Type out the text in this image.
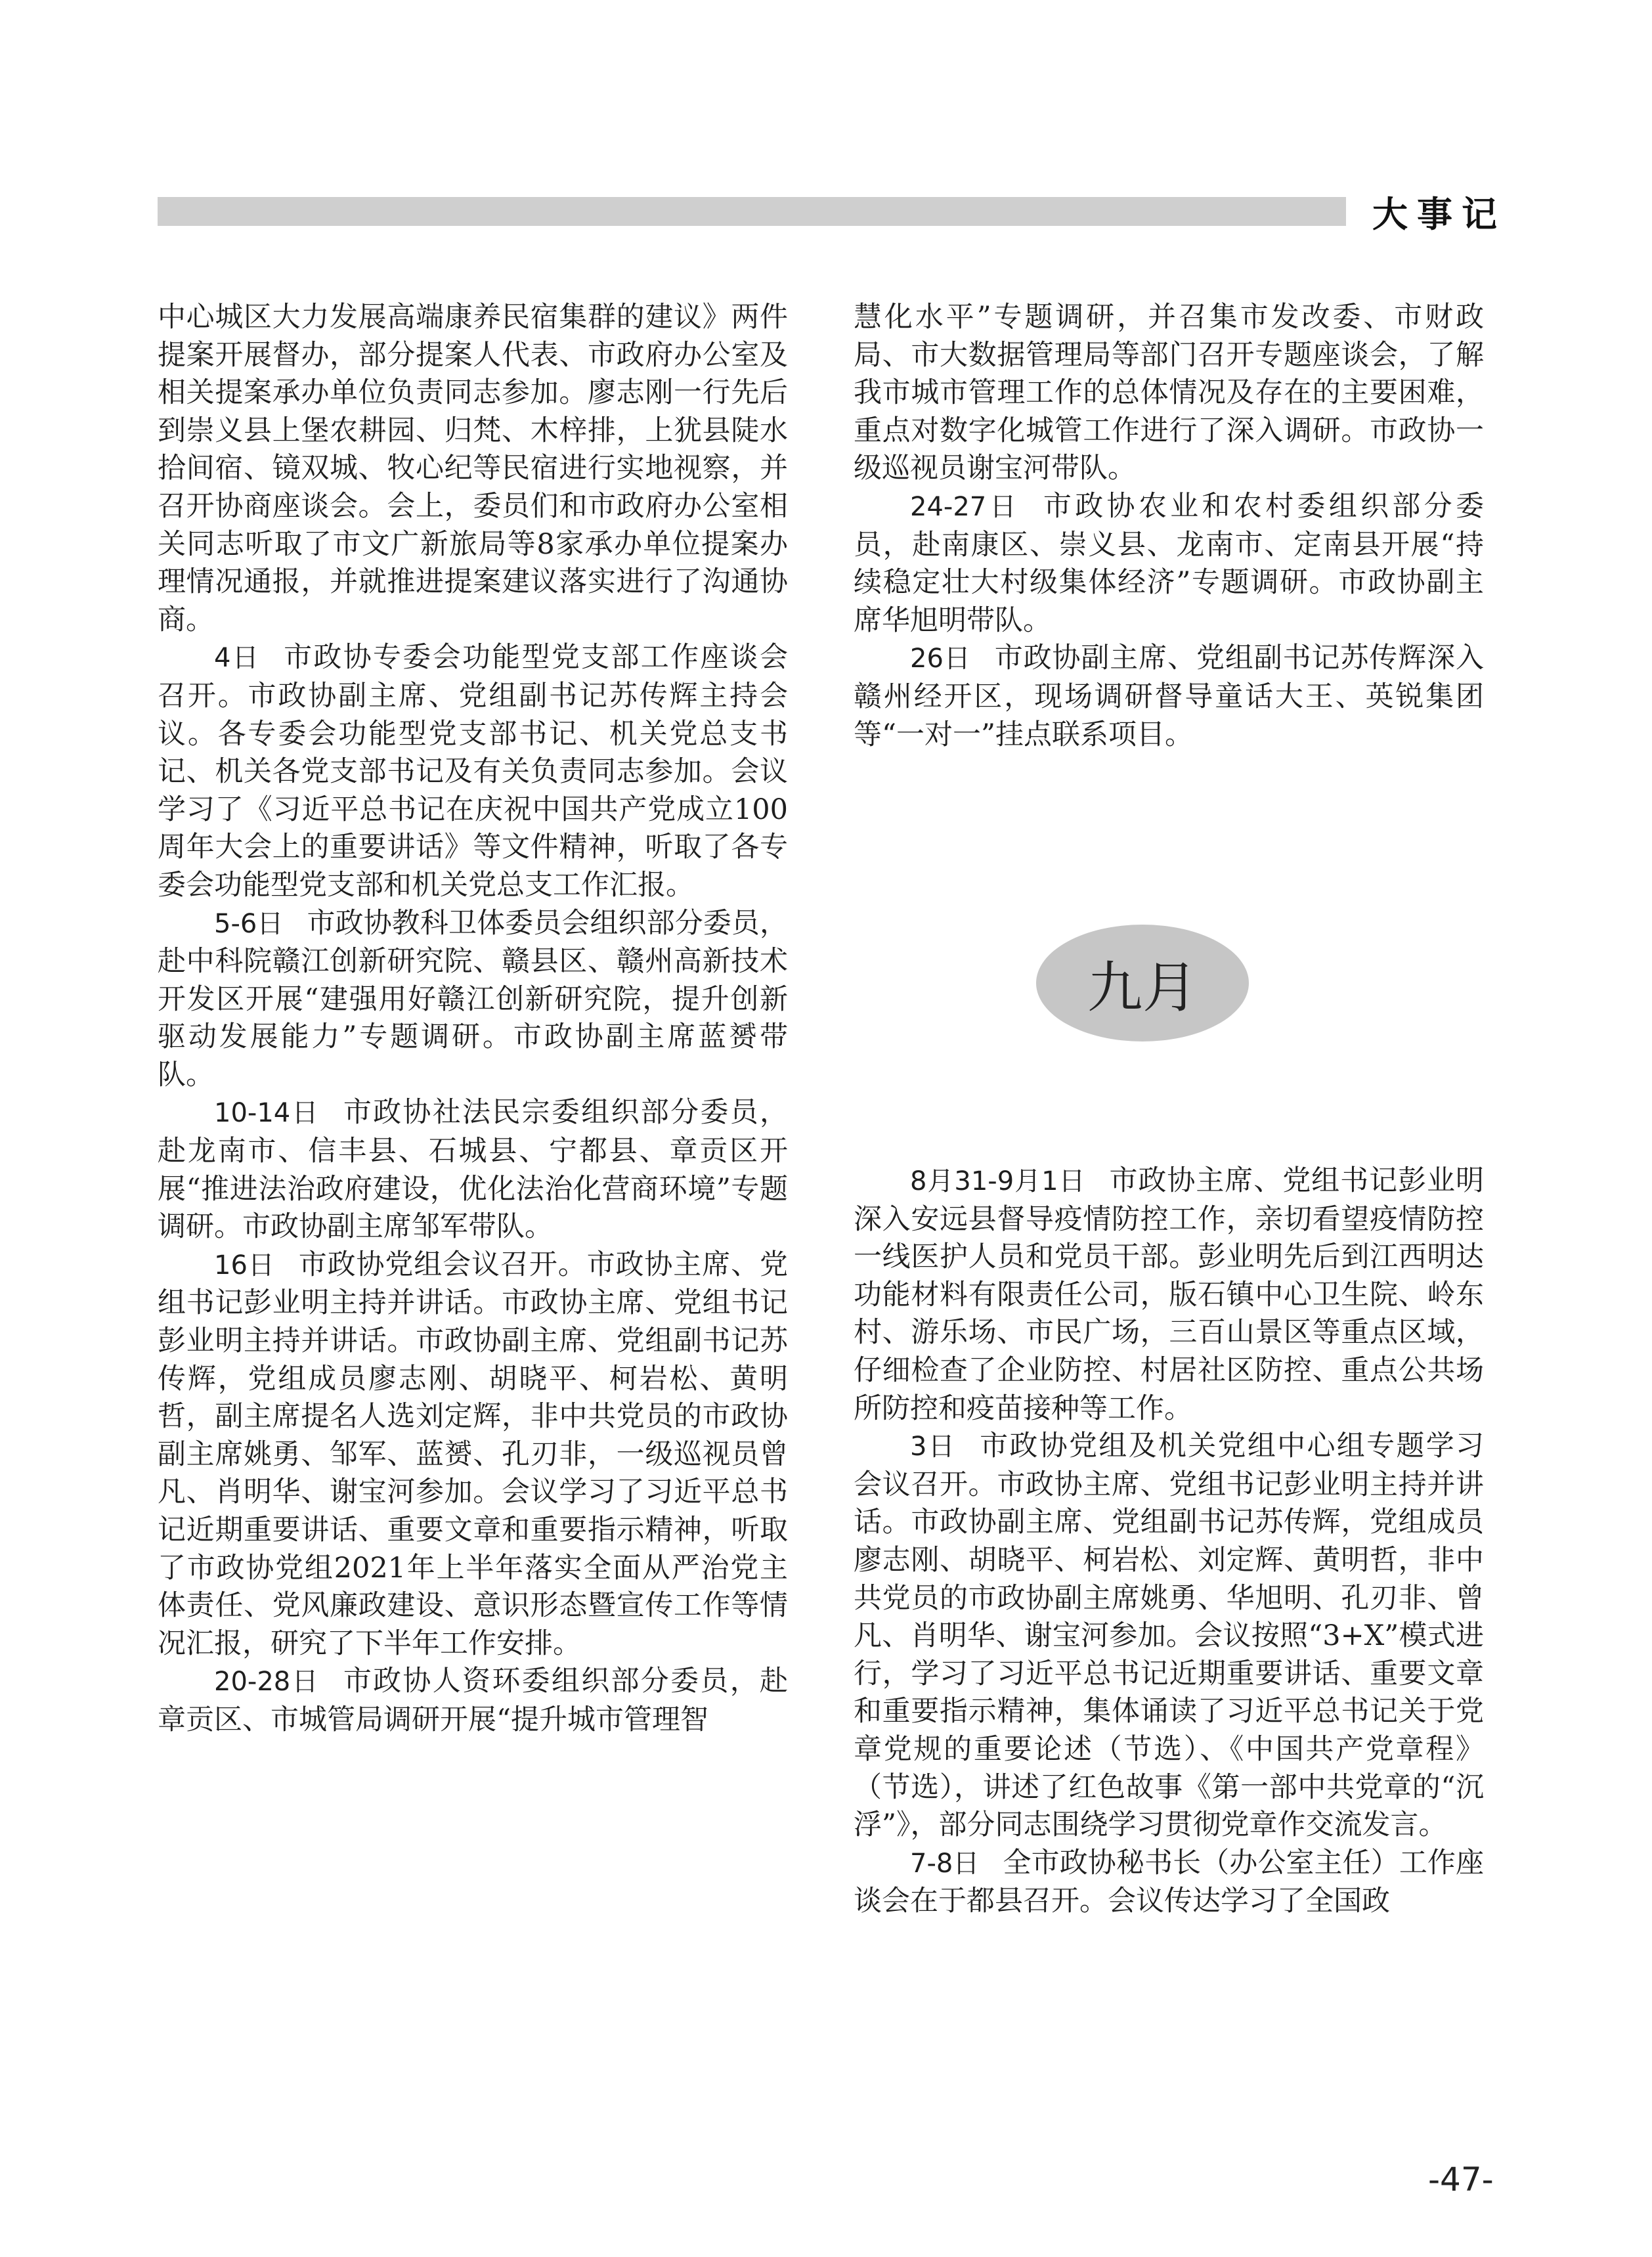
大事记

中心城区大力发展高端康养民宿集群的建议》两件提案开展督办，部分提案人代表、市政府办公室及相关提案承办单位负责同志参加。廖志刚一行先后到崇义县上堡农耕园、归梵、木梓排，上犹县陡水拾间宿、镜双城、牧心纪等民宿进行实地视察，并召开协商座谈会。会上，委员们和市政府办公室相关同志听取了市文广新旅局等8家承办单位提案办理情况通报，并就推进提案建议落实进行了沟通协商。

4日 市政协专委会功能型党支部工作座谈会召开。市政协副主席、党组副书记苏传辉主持会议。各专委会功能型党支部书记、机关党总支书记、机关各党支部书记及有关负责同志参加。会议学习了《习近平总书记在庆祝中国共产党成立100周年大会上的重要讲话》等文件精神，听取了各专委会功能型党支部和机关党总支工作汇报。

5-6日 市政协教科卫体委员会组织部分委员，赴中科院赣江创新研究院、赣县区、赣州高新技术开发区开展“建强用好赣江创新研究院，提升创新驱动发展能力”专题调研。市政协副主席蓝赟带队。

10-14日 市政协社法民宗委组织部分委员，赴龙南市、信丰县、石城县、宁都县、章贡区开展“推进法治政府建设，优化法治化营商环境”专题调研。市政协副主席邹军带队。

16日 市政协党组会议召开。市政协主席、党组书记彭业明主持并讲话。市政协主席、党组书记彭业明主持并讲话。市政协副主席、党组副书记苏传辉，党组成员廖志刚、胡晓平、柯岩松、黄明哲，副主席提名人选刘定辉，非中共党员的市政协副主席姚勇、邹军、蓝赟、孔刃非，一级巡视员曾凡、肖明华、谢宝河参加。会议学习了习近平总书记近期重要讲话、重要文章和重要指示精神，听取了市政协党组2021年上半年落实全面从严治党主体责任、党风廉政建设、意识形态暨宣传工作等情况汇报，研究了下半年工作安排。

20-28日 市政协人资环委组织部分委员，赴章贡区、市城管局调研开展“提升城市管理智

慧化水平”专题调研，并召集市发改委、市财政局、市大数据管理局等部门召开专题座谈会，了解我市城市管理工作的总体情况及存在的主要困难，重点对数字化城管工作进行了深入调研。市政协一级巡视员谢宝河带队。

24-27日 市政协农业和农村委组织部分委员，赴南康区、崇义县、龙南市、定南县开展“持续稳定壮大村级集体经济”专题调研。市政协副主席华旭明带队。

26日 市政协副主席、党组副书记苏传辉深入赣州经开区，现场调研督导童话大王、英锐集团等“一对一”挂点联系项目。

九月

8月31-9月1日 市政协主席、党组书记彭业明深入安远县督导疫情防控工作，亲切看望疫情防控一线医护人员和党员干部。彭业明先后到江西明达功能材料有限责任公司，版石镇中心卫生院、岭东村、游乐场、市民广场，三百山景区等重点区域，仔细检查了企业防控、村居社区防控、重点公共场所防控和疫苗接种等工作。

3日 市政协党组及机关党组中心组专题学习会议召开。市政协主席、党组书记彭业明主持并讲话。市政协副主席、党组副书记苏传辉，党组成员廖志刚、胡晓平、柯岩松、刘定辉、黄明哲，非中共党员的市政协副主席姚勇、华旭明、孔刃非、曾凡、肖明华、谢宝河参加。会议按照“3+X”模式进行，学习了习近平总书记近期重要讲话、重要文章和重要指示精神，集体诵读了习近平总书记关于党章党规的重要论述（节选）、《中国共产党章程》（节选），讲述了红色故事《第一部中共党章的“沉浮”》，部分同志围绕学习贯彻党章作交流发言。

7-8日 全市政协秘书长（办公室主任）工作座谈会在于都县召开。会议传达学习了全国政

-47-
